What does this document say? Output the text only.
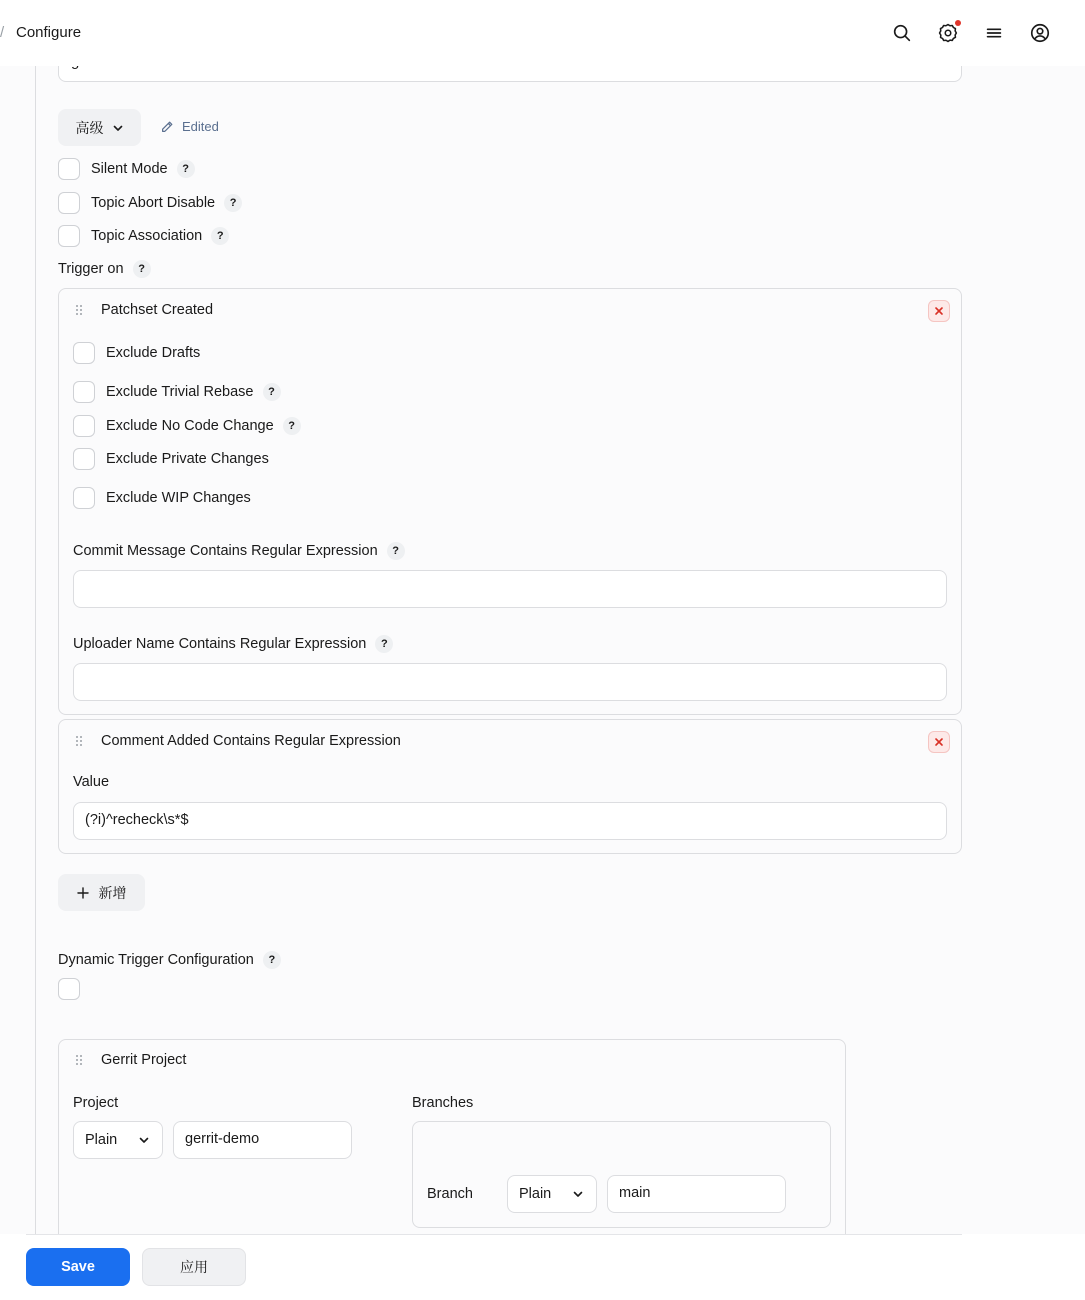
/ Configure
高级	Edited
Silent Mode	?
Topic Abort Disable	?
Topic Association	?
Trigger on	?
Patchset Created
Exclude Drafts
Exclude Trivial Rebase	?
Exclude No Code Change	?
Exclude Private Changes
Exclude WIP Changes
Commit Message Contains Regular Expression	?
Uploader Name Contains Regular Expression	?
Comment Added Contains Regular Expression
Value
(?i)^recheck\s*$
新增
Dynamic Trigger Configuration	?
Gerrit Project
Project
Plain	gerrit-demo
Branches
Branch	Plain	main
Save	应用
